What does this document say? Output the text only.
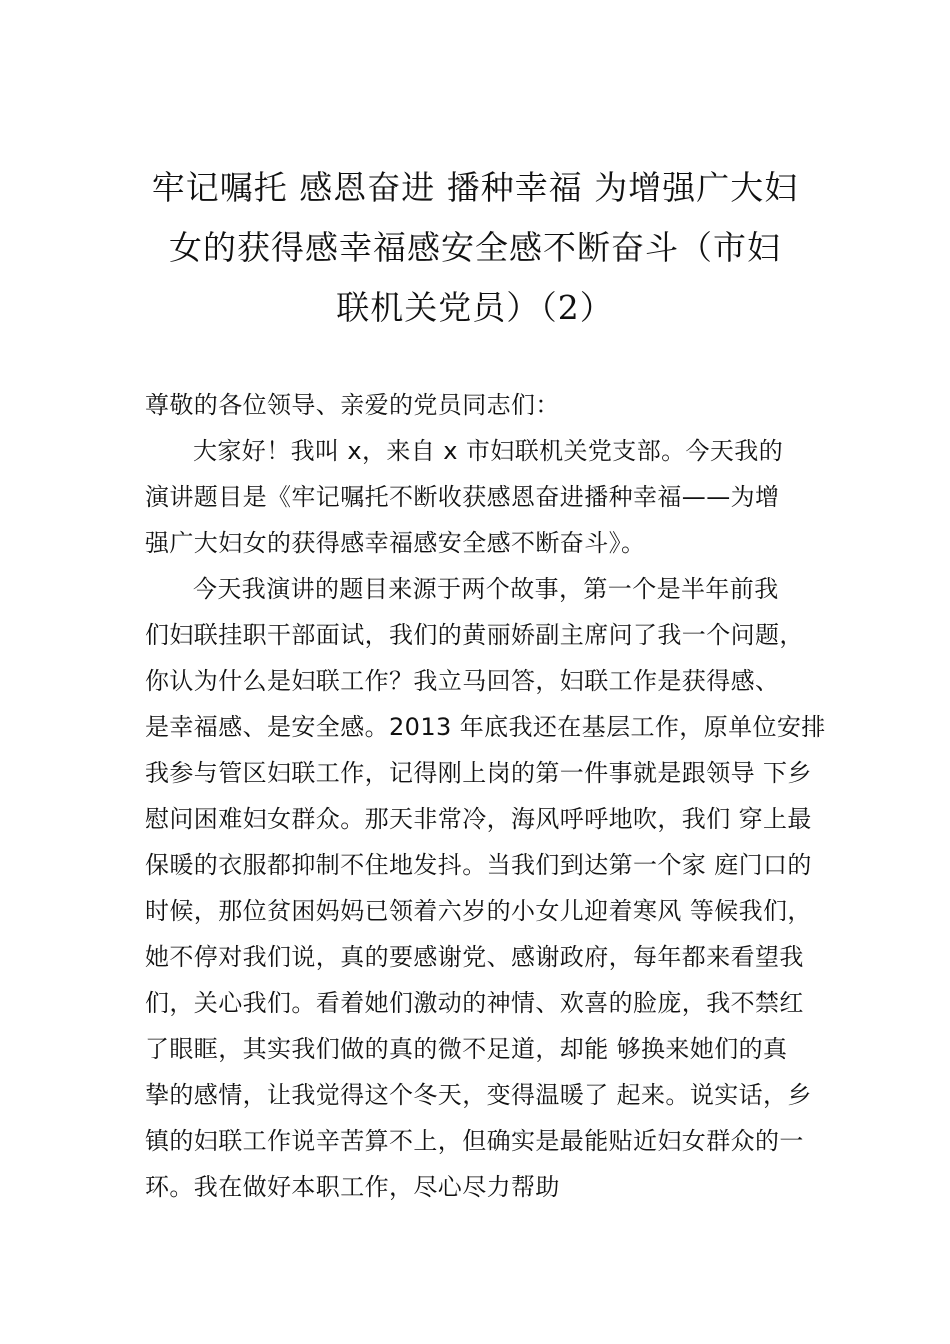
牢记嘱托 感恩奋进 播种幸福 为增强广大妇
女的获得感幸福感安全感不断奋斗（市妇
联机关党员）（2）
尊敬的各位领导、亲爱的党员同志们：
大家好！我叫 x，来自 x 市妇联机关党支部。今天我的
演讲题目是《牢记嘱托不断收获感恩奋进播种幸福——为增
强广大妇女的获得感幸福感安全感不断奋斗》。
今天我演讲的题目来源于两个故事，第一个是半年前我
们妇联挂职干部面试，我们的黄丽娇副主席问了我一个问题，
你认为什么是妇联工作？我立马回答，妇联工作是获得感、
是幸福感、是安全感。2013 年底我还在基层工作，原单位安排
我参与管区妇联工作，记得刚上岗的第一件事就是跟领导 下乡
慰问困难妇女群众。那天非常冷，海风呼呼地吹，我们 穿上最
保暖的衣服都抑制不住地发抖。当我们到达第一个家 庭门口的
时候，那位贫困妈妈已领着六岁的小女儿迎着寒风 等候我们，
她不停对我们说，真的要感谢党、感谢政府，每年都来看望我
们，关心我们。看着她们激动的神情、欢喜的脸庞，我不禁红
了眼眶，其实我们做的真的微不足道，却能 够换来她们的真
挚的感情，让我觉得这个冬天，变得温暖了 起来。说实话，乡
镇的妇联工作说辛苦算不上，但确实是最能贴近妇女群众的一
环。我在做好本职工作，尽心尽力帮助
